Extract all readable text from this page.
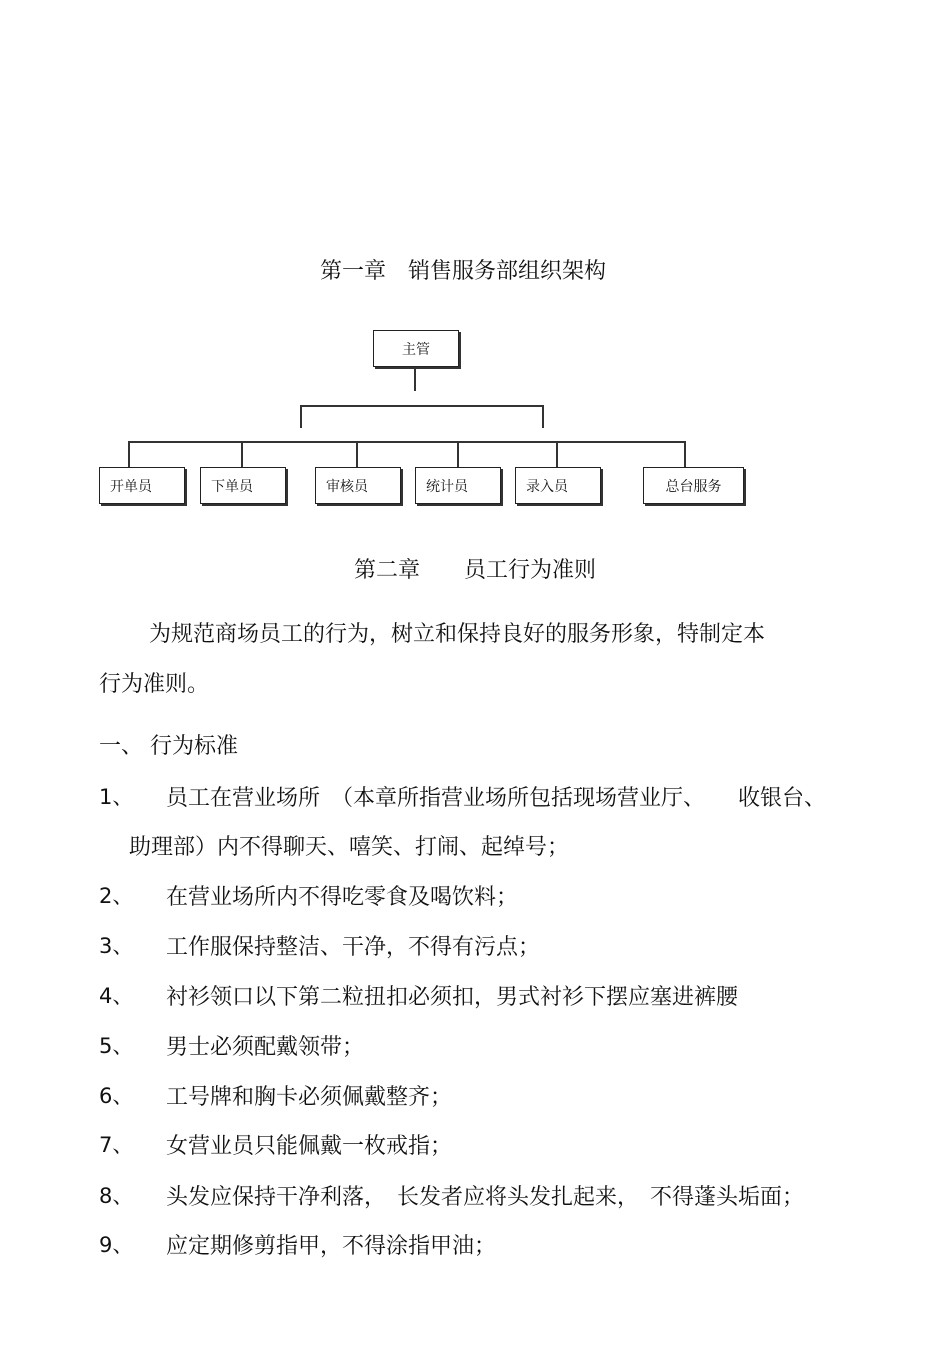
第一章　销售服务部组织架构
主管
开单员	下单员	审核员	统计员	录入员	总台服务
第二章　　员工行为准则
为规范商场员工的行为，树立和保持良好的服务形象，特制定本
行为准则。
一、 行为标准
1、 员工在营业场所　（本章所指营业场所包括现场营业厅、　　收银台、
助理部）内不得聊天、嘻笑、打闹、起绰号；
2、 在营业场所内不得吃零食及喝饮料；
3、 工作服保持整洁、干净，不得有污点；
4、 衬衫领口以下第二粒扭扣必须扣，男式衬衫下摆应塞进裤腰
5、 男士必须配戴领带；
6、 工号牌和胸卡必须佩戴整齐；
7、 女营业员只能佩戴一枚戒指；
8、 头发应保持干净利落，　长发者应将头发扎起来，　不得蓬头垢面；
9、 应定期修剪指甲，不得涂指甲油；
